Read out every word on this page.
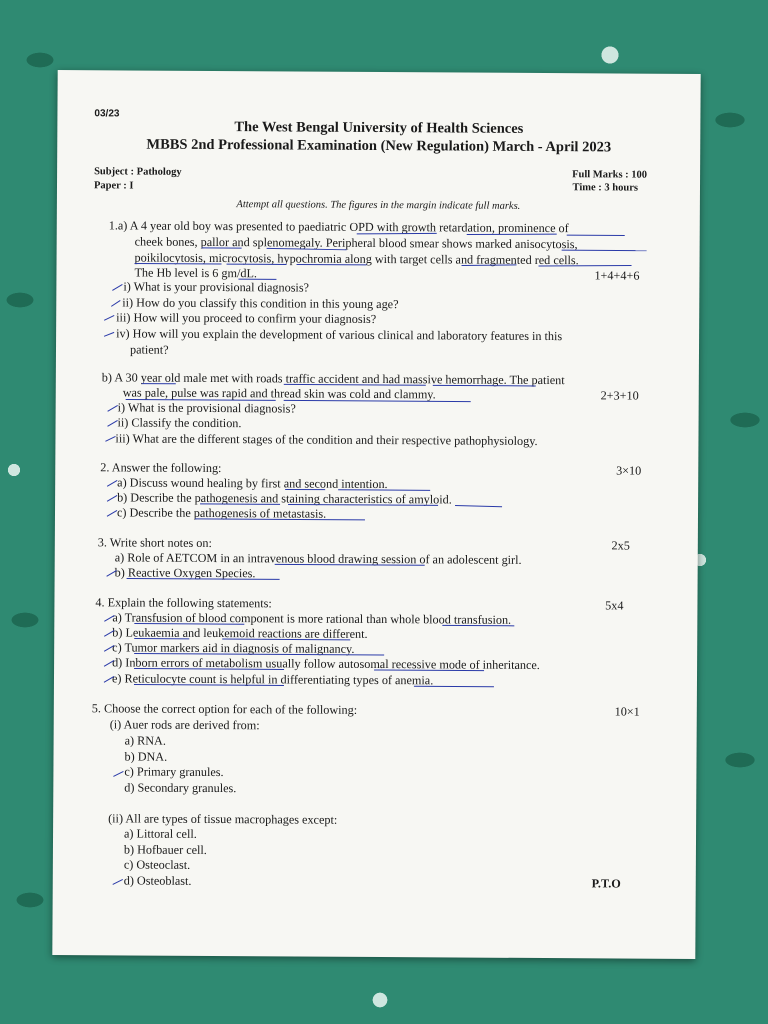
03/23
The West Bengal University of Health Sciences
MBBS 2nd Professional Examination (New Regulation) March - April 2023
Subject : Pathology
Paper : I
Full Marks : 100
Time : 3 hours
Attempt all questions. The figures in the margin indicate full marks.
1.a) A 4 year old boy was presented to paediatric OPD with growth retardation, prominence of
cheek bones, pallor and splenomegaly. Peripheral blood smear shows marked anisocytosis,
poikilocytosis, microcytosis, hypochromia along with target cells and fragmented red cells.
The Hb level is 6 gm/dL.	1+4+4+6
i) What is your provisional diagnosis?
ii) How do you classify this condition in this young age?
iii) How will you proceed to confirm your diagnosis?
iv) How will you explain the development of various clinical and laboratory features in this
patient?
b) A 30 year old male met with roads traffic accident and had massive hemorrhage. The patient
was pale, pulse was rapid and thread skin was cold and clammy.	2+3+10
i) What is the provisional diagnosis?
ii) Classify the condition.
iii) What are the different stages of the condition and their respective pathophysiology.
2. Answer the following:	3×10
a) Discuss wound healing by first and second intention.
b) Describe the pathogenesis and staining characteristics of amyloid.
c) Describe the pathogenesis of metastasis.
3. Write short notes on:	2x5
a) Role of AETCOM in an intravenous blood drawing session of an adolescent girl.
b) Reactive Oxygen Species.
4. Explain the following statements:	5x4
a) Transfusion of blood component is more rational than whole blood transfusion.
b) Leukaemia and leukemoid reactions are different.
c) Tumor markers aid in diagnosis of malignancy.
d) Inborn errors of metabolism usually follow autosomal recessive mode of inheritance.
e) Reticulocyte count is helpful in differentiating types of anemia.
5. Choose the correct option for each of the following:	10×1
(i) Auer rods are derived from:
a) RNA.
b) DNA.
c) Primary granules.
d) Secondary granules.
(ii) All are types of tissue macrophages except:
a) Littoral cell.
b) Hofbauer cell.
c) Osteoclast.
d) Osteoblast.	P.T.O
